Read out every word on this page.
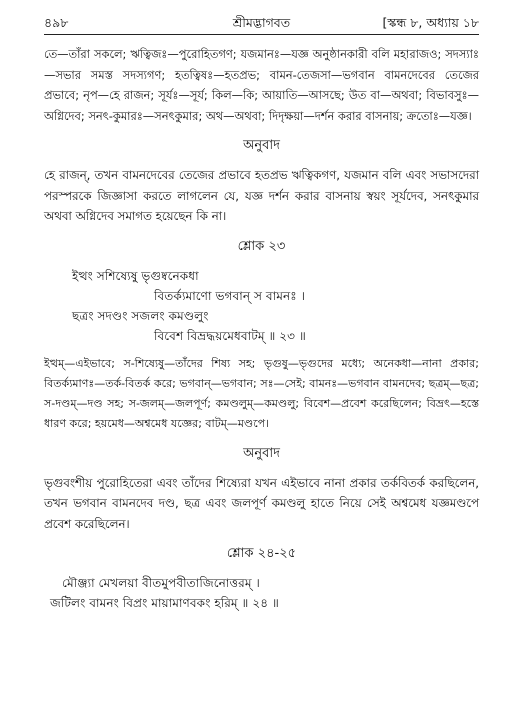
৪৯৮	শ্রীমদ্ভাগবত	[স্কন্ধ ৮, অধ্যায় ১৮

তে—তাঁরা সকলে; ঋত্বিজঃ—পুরোহিতগণ; যজমানঃ—যজ্ঞ অনুষ্ঠানকারী বলি মহারাজও; সদস্যাঃ—সভার সমস্ত সদস্যগণ; হতত্বিষঃ—হতপ্রভ; বামন-তেজসা—ভগবান বামনদেবের তেজের প্রভাবে; নৃপ—হে রাজন; সূর্যঃ—সূর্য; কিল—কি; আয়াতি—আসছে; উত বা—অথবা; বিভাবসুঃ—অগ্নিদেব; সনৎ-কুমারঃ—সনৎকুমার; অথ—অথবা; দিদৃক্ষয়া—দর্শন করার বাসনায়; ক্রতোঃ—যজ্ঞ।

অনুবাদ

হে রাজন্‌, তখন বামনদেবের তেজের প্রভাবে হতপ্রভ ঋত্বিকগণ, যজমান বলি এবং সভাসদেরা পরস্পরকে জিজ্ঞাসা করতে লাগলেন যে, যজ্ঞ দর্শন করার বাসনায় স্বয়ং সূর্যদেব, সনৎকুমার অথবা অগ্নিদেব সমাগত হয়েছেন কি না।

শ্লোক ২৩

ইত্থং সশিষ্যেষু ভৃগুষ্বনেকধা

বিতর্ক্যমাণো ভগবান্‌ স বামনঃ ।

ছত্রং সদণ্ডং সজলং কমণ্ডলুং

বিবেশ বিভ্রদ্ধয়মেধবাটম্‌ ॥ ২৩ ॥

ইত্থম্‌—এইভাবে; স-শিষ্যেষু—তাঁদের শিষ্য সহ; ভৃগুষু—ভৃগুদের মধ্যে; অনেকধা—নানা প্রকার; বিতর্ক্যমাণঃ—তর্ক-বিতর্ক করে; ভগবান্‌—ভগবান; সঃ—সেই; বামনঃ—ভগবান বামনদেব; ছত্রম্‌—ছত্র; স-দণ্ডম্‌—দণ্ড সহ; স-জলম্‌—জলপূর্ণ; কমণ্ডলুম্‌—কমণ্ডলু; বিবেশ—প্রবেশ করেছিলেন; বিভ্রৎ—হস্তে ধারণ করে; হয়মেধ—অশ্বমেধ যজ্ঞের; বাটম্‌—মণ্ডপে।

অনুবাদ

ভৃগুবংশীয় পুরোহিতেরা এবং তাঁদের শিষ্যেরা যখন এইভাবে নানা প্রকার তর্কবিতর্ক করছিলেন, তখন ভগবান বামনদেব দণ্ড, ছত্র এবং জলপূর্ণ কমণ্ডলু হাতে নিয়ে সেই অশ্বমেধ যজ্ঞমণ্ডপে প্রবেশ করেছিলেন।

শ্লোক ২৪-২৫

মৌঞ্জ্যা মেখলয়া বীতমুপবীতাজিনোত্তরম্‌ ।

জটিলং বামনং বিপ্রং মায়ামাণবকং হরিম্‌ ॥ ২৪ ॥
